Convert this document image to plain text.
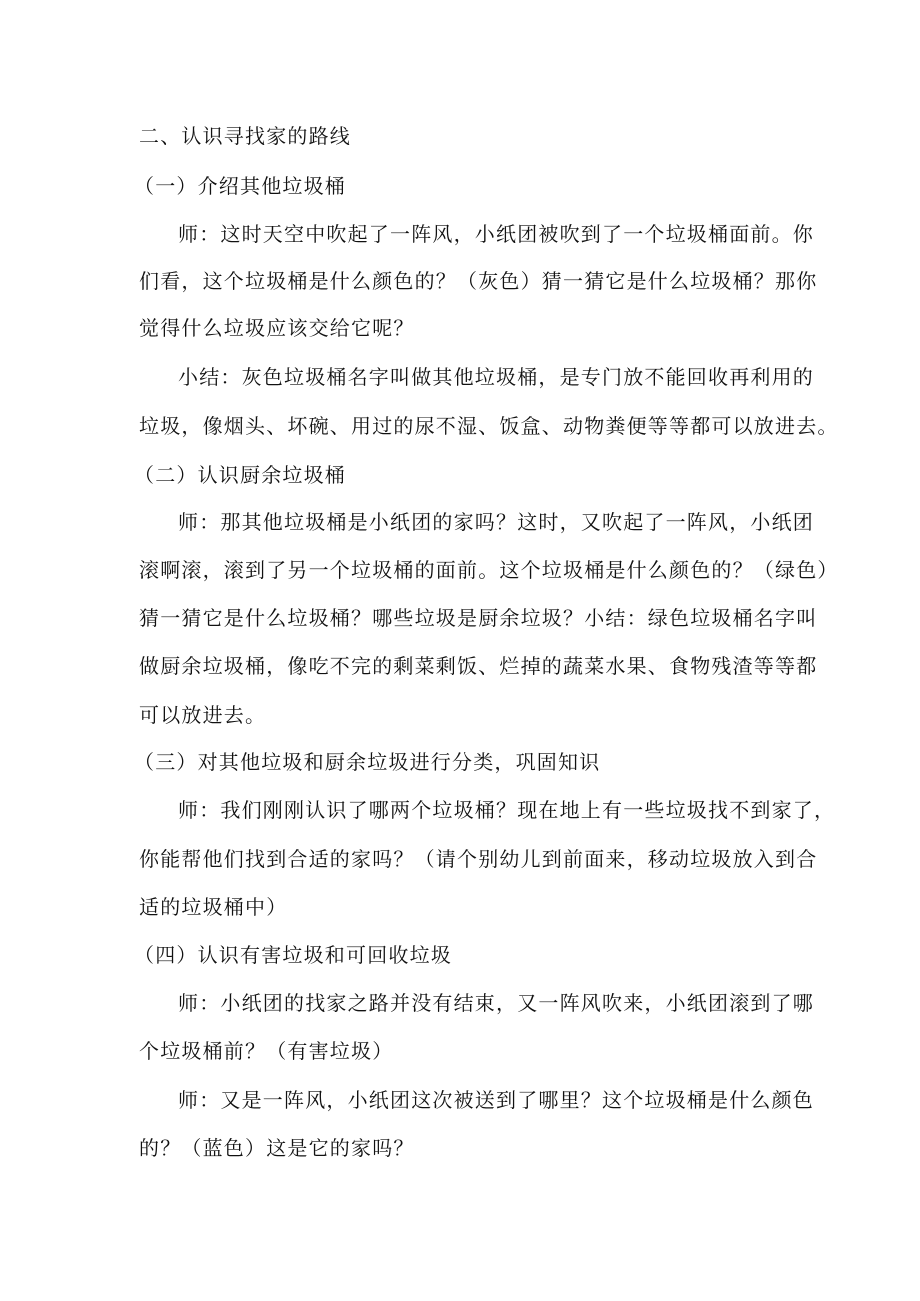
二、认识寻找家的路线
（一）介绍其他垃圾桶
师：这时天空中吹起了一阵风，小纸团被吹到了一个垃圾桶面前。你
们看，这个垃圾桶是什么颜色的？（灰色）猜一猜它是什么垃圾桶？那你
觉得什么垃圾应该交给它呢？
小结：灰色垃圾桶名字叫做其他垃圾桶，是专门放不能回收再利用的
垃圾，像烟头、坏碗、用过的尿不湿、饭盒、动物粪便等等都可以放进去。
（二）认识厨余垃圾桶
师：那其他垃圾桶是小纸团的家吗？这时，又吹起了一阵风，小纸团
滚啊滚，滚到了另一个垃圾桶的面前。这个垃圾桶是什么颜色的？（绿色）
猜一猜它是什么垃圾桶？哪些垃圾是厨余垃圾？小结：绿色垃圾桶名字叫
做厨余垃圾桶，像吃不完的剩菜剩饭、烂掉的蔬菜水果、食物残渣等等都
可以放进去。
（三）对其他垃圾和厨余垃圾进行分类，巩固知识
师：我们刚刚认识了哪两个垃圾桶？现在地上有一些垃圾找不到家了，
你能帮他们找到合适的家吗？（请个别幼儿到前面来，移动垃圾放入到合
适的垃圾桶中）
（四）认识有害垃圾和可回收垃圾
师：小纸团的找家之路并没有结束，又一阵风吹来，小纸团滚到了哪
个垃圾桶前？（有害垃圾）
师：又是一阵风，小纸团这次被送到了哪里？这个垃圾桶是什么颜色
的？（蓝色）这是它的家吗？
